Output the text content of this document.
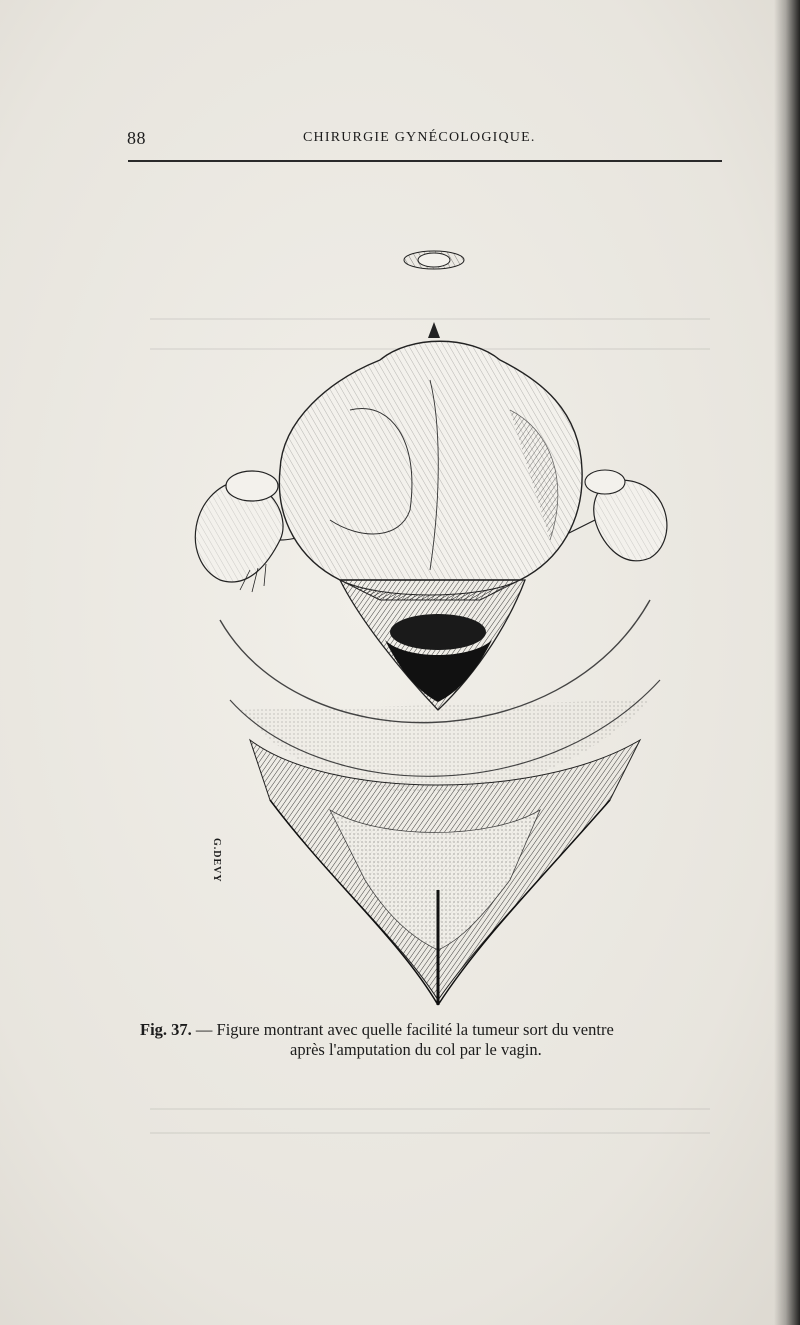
88	CHIRURGIE GYNÉCOLOGIQUE.
G.DEVY
Fig. 37. — Figure montrant avec quelle facilité la tumeur sort du ventre
après l'amputation du col par le vagin.
